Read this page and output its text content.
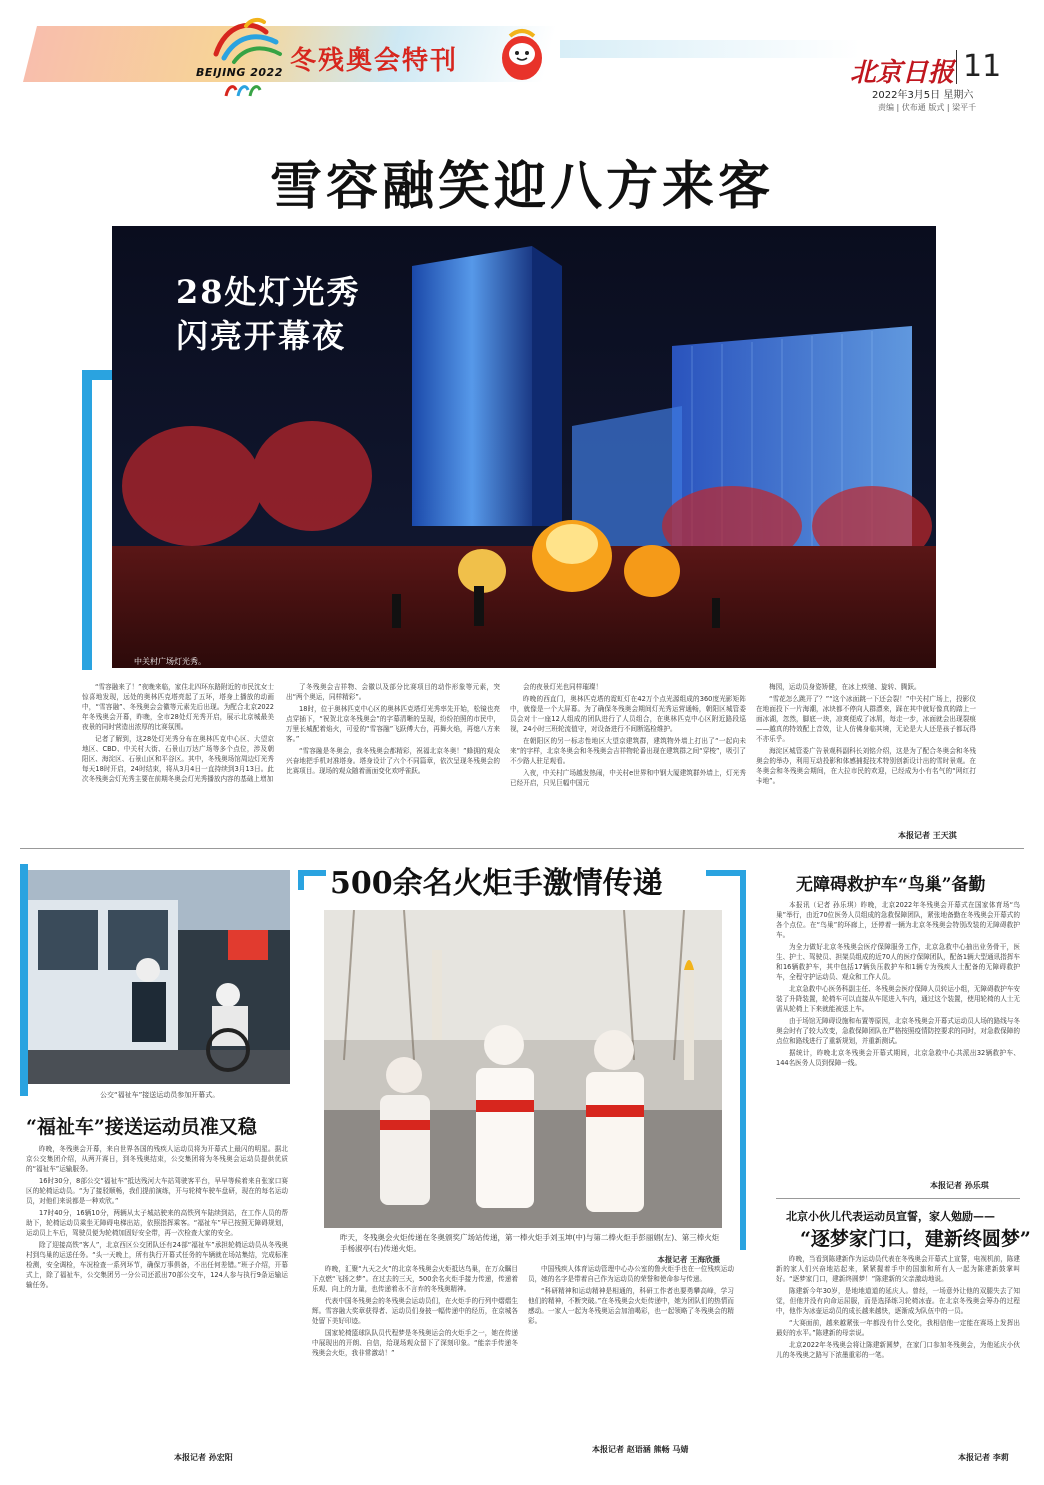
BEIJING 2022 冬残奥会特刊	北京日报 11
2022年3月5日 星期六
责编 | 伏布通 版式 | 梁平千
雪容融笑迎八方来客
28处灯光秀
闪亮开幕夜
中关村广场灯光秀。

“雪容融来了！”夜晚来临，家住北四环东路附近的市民沈女士惊喜地发现，远处的奥林匹克塔亮起了五环，塔身上播放的动画中，“雪容融”、冬残奥会会徽等元素先后出现。为配合北京2022年冬残奥会开幕，昨晚，全市28处灯光秀开启，展示北京城最美夜景的同时营造出浓厚的比赛氛围。

记者了解到，这28处灯光秀分布在奥林匹克中心区、大望京地区、CBD、中关村大街、石景山万达广场等多个点位，涉及朝阳区、海淀区、石景山区和平谷区。其中，冬残奥场馆周边灯光秀每天18时开启，24时结束，将从3月4日一直持续到3月13日。此次冬残奥会灯光秀主要在前期冬奥会灯光秀播放内容的基础上增加

了冬残奥会吉祥物、会徽以及部分比赛项目的动作形象等元素，突出“两个奥运，同样精彩”。

18时，位于奥林匹克中心区的奥林匹克塔灯光秀率先开始，松镜也亮点穿插下，“祝贺北京冬残奥会”的字幕清晰的呈现，纷纷拍照的市民中，万里长城配着焰火，可爱的“雪容融”飞跃傅大台，再舞火焰，再熄八方来客。”

“雪容融是冬奥会，我冬残奥会都精彩，祝福北京冬奥！”蜂拥的观众兴奋地把手机对准塔身。塔身设计了六个不同篇章，依次呈现冬残奥会的比赛项目。现场的观众随着画面变化欢呼雀跃。

会的夜景灯光也同样璀璨！

昨晚的西直门，奥林匹克塔的霓虹灯在42万个点光源组成的360度光影矩阵中，就像是一个大屏幕。为了确保冬残奥会期间灯光秀运营通畅，朝阳区城管委员会对十一座12人组成的团队进行了人员组合，在奥林匹克中心区附近路段巡视，24小时三班轮流值守，对设备进行不间断巡检维护。

在朝阳区的另一标志性地区大望京建筑群，建筑物外墙上打出了“一起向未来”的字样，北京冬奥会和冬残奥会吉祥物轮番出现在建筑群之间“穿梭”，吸引了不少路人驻足观看。

入夜，中关村广场越发热闹，中关村e世界和中钢大厦建筑群外墙上，灯光秀已经开启，只见巨幅中国元

梅园，运动员身姿矫健，在冰上疾驰、旋转、腾跃。

“雪花怎么跳开了？”“这个冰面跳一下还会裂！”中关村广场上，投影仪在地面投下一片海潮，冰块都不停向人群漂来，踩在其中就好像真的踏上一面冰湖，忽然，脚底一块，凉爽便成了冰屑，每走一步，冰面就会出现裂痕——越真的特效配上音效，让人仿佛身临其境，无论是大人还是孩子都玩得不亦乐乎。

海淀区城管委广告景观科副科长刘铭介绍，这是为了配合冬奥会和冬残奥会的举办，利用互动投影和体感捕捉技术特别创新设计出的雪时景观。在冬奥会和冬残奥会期间，在大拉市民的欢迎，已经成为小有名气的“网红打卡地”。

本报记者 王天淇
公交“福祉车”接送运动员参加开幕式。
“福祉车”接送运动员准又稳

昨晚，冬残奥会开幕，来自世界各国的残疾人运动员将为开幕式上最闪的明星。据北京公交集团介绍，从两开赛日，到冬残奥结束，公交集团将为冬残奥会运动员提供优质的“福祉车”运输服务。

16时30分，8部公交“福祉车”抵达残河大车站驾驶客平台，早早等候着来自张家口赛区的轮椅运动员。“为了接驳顺畅，我们提前演练，开与轮椅车驶车盘研，现在的每名运动员，对他们来说都是一种欢欣。”

17时40分，16辆10分，两辆从太子城站驶来的高铁列车陆续到站，在工作人员的帮助下，轮椅运动员乘坐无障碍电梯出站，依照指挥乘客。“福祉车”早已按照无障碍规划，运动员上车后，驾驶员便为轮椅加固好安全带，再一次检查大家的安全。

除了迎接高铁“客人”，北京西区公交团队还有24部“福祉车”承担轮椅运动员从冬残奥村到鸟巢的运送任务。“头一天晚上，所有执行开幕式任务的车辆就在场站集结，完成标准检测，安全调检，车况检查一系列环节，确保万事俱备，不出任何差错。”班子介绍，开幕式上，除了福祉车，公交集团另一分公司还派出70部公交车，124人参与执行9条运输运输任务。

本报记者 孙宏阳
500余名火炬手激情传递
昨天，冬残奥会火炬传递在冬奥颁奖广场站传递，第一棒火炬手刘玉坤(中)与第二棒火炬手彭丽娟(左)、第三棒火炬手杨淑亭(右)传递火炬。
本报记者 王海欣摄

昨晚，汇聚“九天之火”的北京冬残奥会火炬抵达鸟巢，在万众瞩目下点燃“飞扬之梦”。在过去的三天，500余名火炬手接力传递，传递着乐观、向上的力量，也传递着永不言弃的冬残奥精神。

代表中国冬残奥会的冬残奥会运动员们，在火炬手的行列中熠熠生辉。雪容融大奖章获得者、运动员们身披一幅传递中的经历，在京城各处留下美好印迹。

国家轮椅篮球队队员代程梦是冬残奥运会的火炬手之一，她在传递中展现出的开朗、自信，给现场观众留下了深刻印象。“能亲手传递冬残奥会火炬，我非常激动！”

中国残疾人体育运动管理中心办公室的鲁火炬手也在一位残疾运动员，她的名字是带着自己作为运动员的荣誉和使命参与传递。

“科研精神和运动精神是相通的，科研工作者也要勇攀高峰，学习他们的精神，不断突破。”在冬残奥会火炬传递中，她为团队们的热情而感动。一家人一起为冬残奥运会加油喝彩，也一起领略了冬残奥会的精彩。

本报记者 赵语涵 熊畅 马婧
无障碍救护车“鸟巢”备勤

本报讯（记者 孙乐琪）昨晚，北京2022年冬残奥会开幕式在国家体育场“鸟巢”举行，由近70位医务人员组成的急救保障团队，紧张地备勤在冬残奥会开幕式的各个点位。在“鸟巢”的环廊上，还停着一辆为北京冬残奥会特别改装的无障碍救护车。

为全力做好北京冬残奥会医疗保障服务工作，北京急救中心抽出业务骨干，医生、护士、驾驶员、担架员组成的近70人的医疗保障团队，配备1辆大型通讯指挥车和16辆救护车，其中包括17辆负压救护车和1辆专为残疾人士配备的无障碍救护车，全程守护运动员、观众和工作人员。

北京急救中心医务科副主任、冬残奥会医疗保障人员转运小组，无障碍救护车安装了升降装置，轮椅车可以直接从车尾进入车内，通过这个装置，使用轮椅的人士无需从轮椅上下来就能被送上车。

由于场馆无障碍设施和布置等原因，北京冬残奥会开幕式运动员人场的路线与冬奥会时有了较大改变，急救保障团队在严格按照疫情防控要求的同时，对急救保障的点位和路线进行了重新规划，并重新测试。

据统计，昨晚北京冬残奥会开幕式期间，北京急救中心共派出32辆救护车、144名医务人员到保障一线。

本报记者 孙乐琪
北京小伙儿代表运动员宣誓，家人勉励——
“逐梦家门口，建新终圆梦”

昨晚，当看到陈建新作为运动员代表在冬残奥会开幕式上宣誓，电视机前，陈建新的家人们兴奋地站起来，紧紧握着手中的国旗和所有人一起为陈建新鼓掌叫好。“逐梦家门口，建新终圆梦！”陈建新的父亲激动地说。

陈建新今年30岁，是地地道道的延庆人。曾经，一场意外让他的双腿失去了知觉，但他并没有向命运屈服，而是选择练习轮椅冰壶。在北京冬残奥会筹办的过程中，他作为冰壶运动员的成长越来越快，逐渐成为队伍中的一员。

“大赛面前，越来越紧张一年都没有什么变化，我相信他一定能在赛场上发挥出最好的水平。”陈建新的母亲说。

北京2022年冬残奥会将让陈建新圆梦，在家门口参加冬残奥会，为他延庆小伙儿的冬残奥之路写下浓墨重彩的一笔。

本报记者 李莉
